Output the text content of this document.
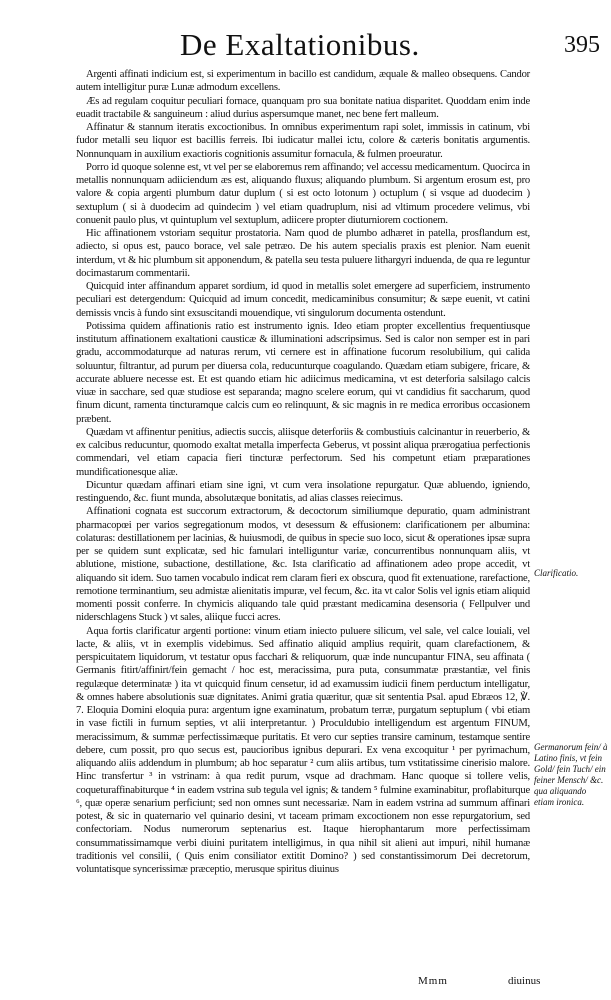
De Exaltationibus.	395

Argenti affinati indicium est, si experimentum in bacillo est candidum, æquale & malleo obsequens. Candor autem intelligitur puræ Lunæ admodum excellens.

Æs ad regulam coquitur peculiari fornace, quanquam pro sua bonitate natiua disparitet. Quoddam enim inde euadit tractabile & sanguineum : aliud durius aspersumque manet, nec bene fert malleum.

Affinatur & stannum iteratis excoctionibus. In omnibus experimentum rapi solet, immissis in catinum, vbi fudor metalli seu liquor est bacillis ferreis. Ibi iudicatur mallei ictu, colore & cæteris bonitatis argumentis. Nonnunquam in auxilium exactioris cognitionis assumitur fornacula, & fulmen proeuratur.

Porro id quoque solenne est, vt vel per se elaboremus rem affinando; vel accessu medicamentum. Quocirca in metallis nonnunquam adiiciendum æs est, aliquando fluxus; aliquando plumbum. Si argentum erosum est, pro valore & copia argenti plumbum datur duplum ( si est octo lotonum ) octuplum ( si vsque ad duodecim ) sextuplum ( si à duodecim ad quindecim ) vel etiam quadruplum, nisi ad vltimum procedere velimus, vbi conuenit paulo plus, vt quintuplum vel sextuplum, adiicere propter diuturniorem coctionem.

Hic affinationem vstoriam sequitur prostatoria. Nam quod de plumbo adhæret in patella, prosflandum est, adiecto, si opus est, pauco borace, vel sale petræo. De his autem specialis praxis est plenior. Nam euenit interdum, vt & hic plumbum sit apponendum, & patella seu testa puluere lithargyri induenda, de qua re leguntur docimastarum commentarii.

Quicquid inter affinandum apparet sordium, id quod in metallis solet emergere ad superficiem, instrumento peculiari est detergendum: Quicquid ad imum concedit, medicaminibus consumitur; & sæpe euenit, vt catini demissis vncis à fundo sint exsuscitandi mouendique, vti singulorum documenta ostendunt.

Potissima quidem affinationis ratio est instrumento ignis. Ideo etiam propter excellentius frequentiusque institutum affinationem exaltationi causticæ & illuminationi adscripsimus. Sed is calor non semper est in pari gradu, accommodaturque ad naturas rerum, vti cernere est in affinatione fucorum resolubilium, qui calida soluuntur, filtrantur, ad purum per diuersa cola, reducunturque coagulando. Quædam etiam subigere, fricare, & accurate abluere necesse est. Et est quando etiam hic adiicimus medicamina, vt est deterforia salsilago calcis viuæ in sacchare, sed quæ studiose est separanda; magno scelere eorum, qui vt candidius fit saccharum, quod finum dicunt, ramenta tincturamque calcis cum eo relinquunt, & sic magnis in re medica erroribus occasionem præbent.

Quædam vt affinentur penitius, adiectis succis, aliisque deterforiis & combustiuis calcinantur in reuerberio, & ex calcibus reducuntur, quomodo exaltat metalla imperfecta Geberus, vt possint aliqua prærogatiua perfectionis commendari, vel etiam capacia fieri tincturæ perfectorum. Sed his competunt etiam præparationes mundificationesque aliæ.

Dicuntur quædam affinari etiam sine igni, vt cum vera insolatione repurgatur. Quæ abluendo, igniendo, restinguendo, &c. fiunt munda, absolutæque bonitatis, ad alias classes reiecimus.

Affinationi cognata est succorum extractorum, & decoctorum similiumque depuratio, quam administrant pharmacopœi per varios segregationum modos, vt desessum & effusionem: clarificationem per albumina: colaturas: destillationem per lacinias, & huiusmodi, de quibus in specie suo loco, sicut & operationes ipsæ supra per se quidem sunt explicatæ, sed hic famulari intelliguntur variæ, concurrentibus nonnunquam aliis, vt ablutione, mistione, subactione, destillatione, &c. Ista clarificatio ad affinationem adeo prope accedit, vt aliquando sit idem. Suo tamen vocabulo indicat rem claram fieri ex obscura, quod fit extenuatione, rarefactione, remotione terminantium, seu admistæ alienitatis impuræ, vel fecum, &c. ita vt calor Solis vel ignis etiam aliquid momenti possit conferre. In chymicis aliquando tale quid præstant medicamina desensoria ( Fellpulver und niderschlagens Stuck ) vt sales, aliique fucci acres.

Aqua fortis clarificatur argenti portione: vinum etiam iniecto puluere silicum, vel sale, vel calce louiali, vel lacte, & aliis, vt in exemplis videbimus. Sed affinatio aliquid amplius requirit, quam clarefactionem, & perspicuitatem liquidorum, vt testatur opus facchari & reliquorum, quæ inde nuncupantur FINA, seu affinata ( Germanis fitirt/affinirt/fein gemacht / hoc est, meracissima, pura puta, consummatæ præstantiæ, vel finis regulæque determinatæ ) ita vt quicquid finum censetur, id ad examussim iudicii finem perductum intelligatur, & omnes habere absolutionis suæ dignitates. Animi gratia quæritur, quæ sit sententia Psal. apud Ebræos 12, ℣. 7. Eloquia Domini eloquia pura: argentum igne examinatum, probatum terræ, purgatum septuplum ( vbi etiam in vase fictili in furnum septies, vt alii interpretantur. ) Proculdubio intelligendum est argentum FINUM, meracissimum, & summæ perfectissimæque puritatis. Et vero cur septies transire caminum, testamque sentire debere, cum possit, pro quo secus est, paucioribus ignibus depurari. Ex vena excoquitur ¹ per pyrimachum, aliquando aliis addendum in plumbum; ab hoc separatur ² cum aliis artibus, tum vstitatissime cinerisio malore. Hinc transfertur ³ in vstrinam: à qua redit purum, vsque ad drachmam. Hanc quoque si tollere velis, coqueturaffinabiturque ⁴ in eadem vstrina sub tegula vel ignis; & tandem ⁵ fulmine examinabitur, proflabiturque ⁶, quæ operæ senarium perficiunt; sed non omnes sunt necessariæ. Nam in eadem vstrina ad summum affinari potest, & sic in quaternario vel quinario desini, vt taceam primam excoctionem non esse repurgatorium, sed confectoriam. Nodus numerorum septenarius est. Itaque hierophantarum more perfectissimam consummatissimamque verbi diuini puritatem intelligimus, in qua nihil sit alieni aut impuri, nihil humanæ traditionis vel consilii, ( Quis enim consiliator extitit Domino? ) sed constantissimorum Dei decretorum, voluntatisque syncerissimæ præceptio, merusque spiritus diuinus

Clarificatio.
Germanorum fein/ à Latino finis, vt fein Gold/ fein Tuch/ ein feiner Mensch/ &c. qua aliquando etiam ironica.
Mmm	diuinus
